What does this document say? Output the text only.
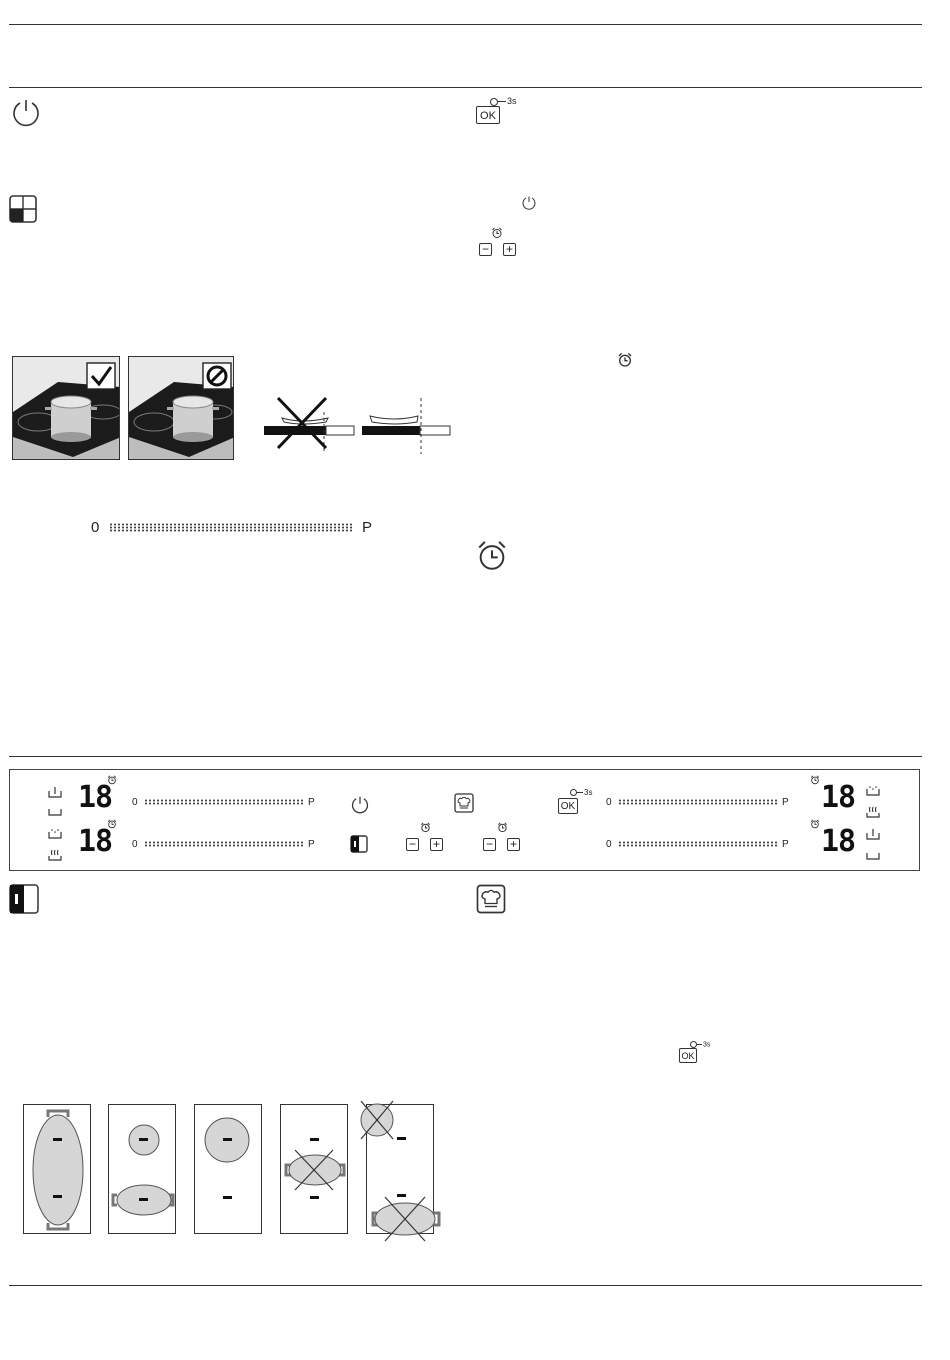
OK
3s
− +
0	P
18
18
0	P
0	P	− +	− +
OK
3s
0	P
0	P
18
18
OK
3s
